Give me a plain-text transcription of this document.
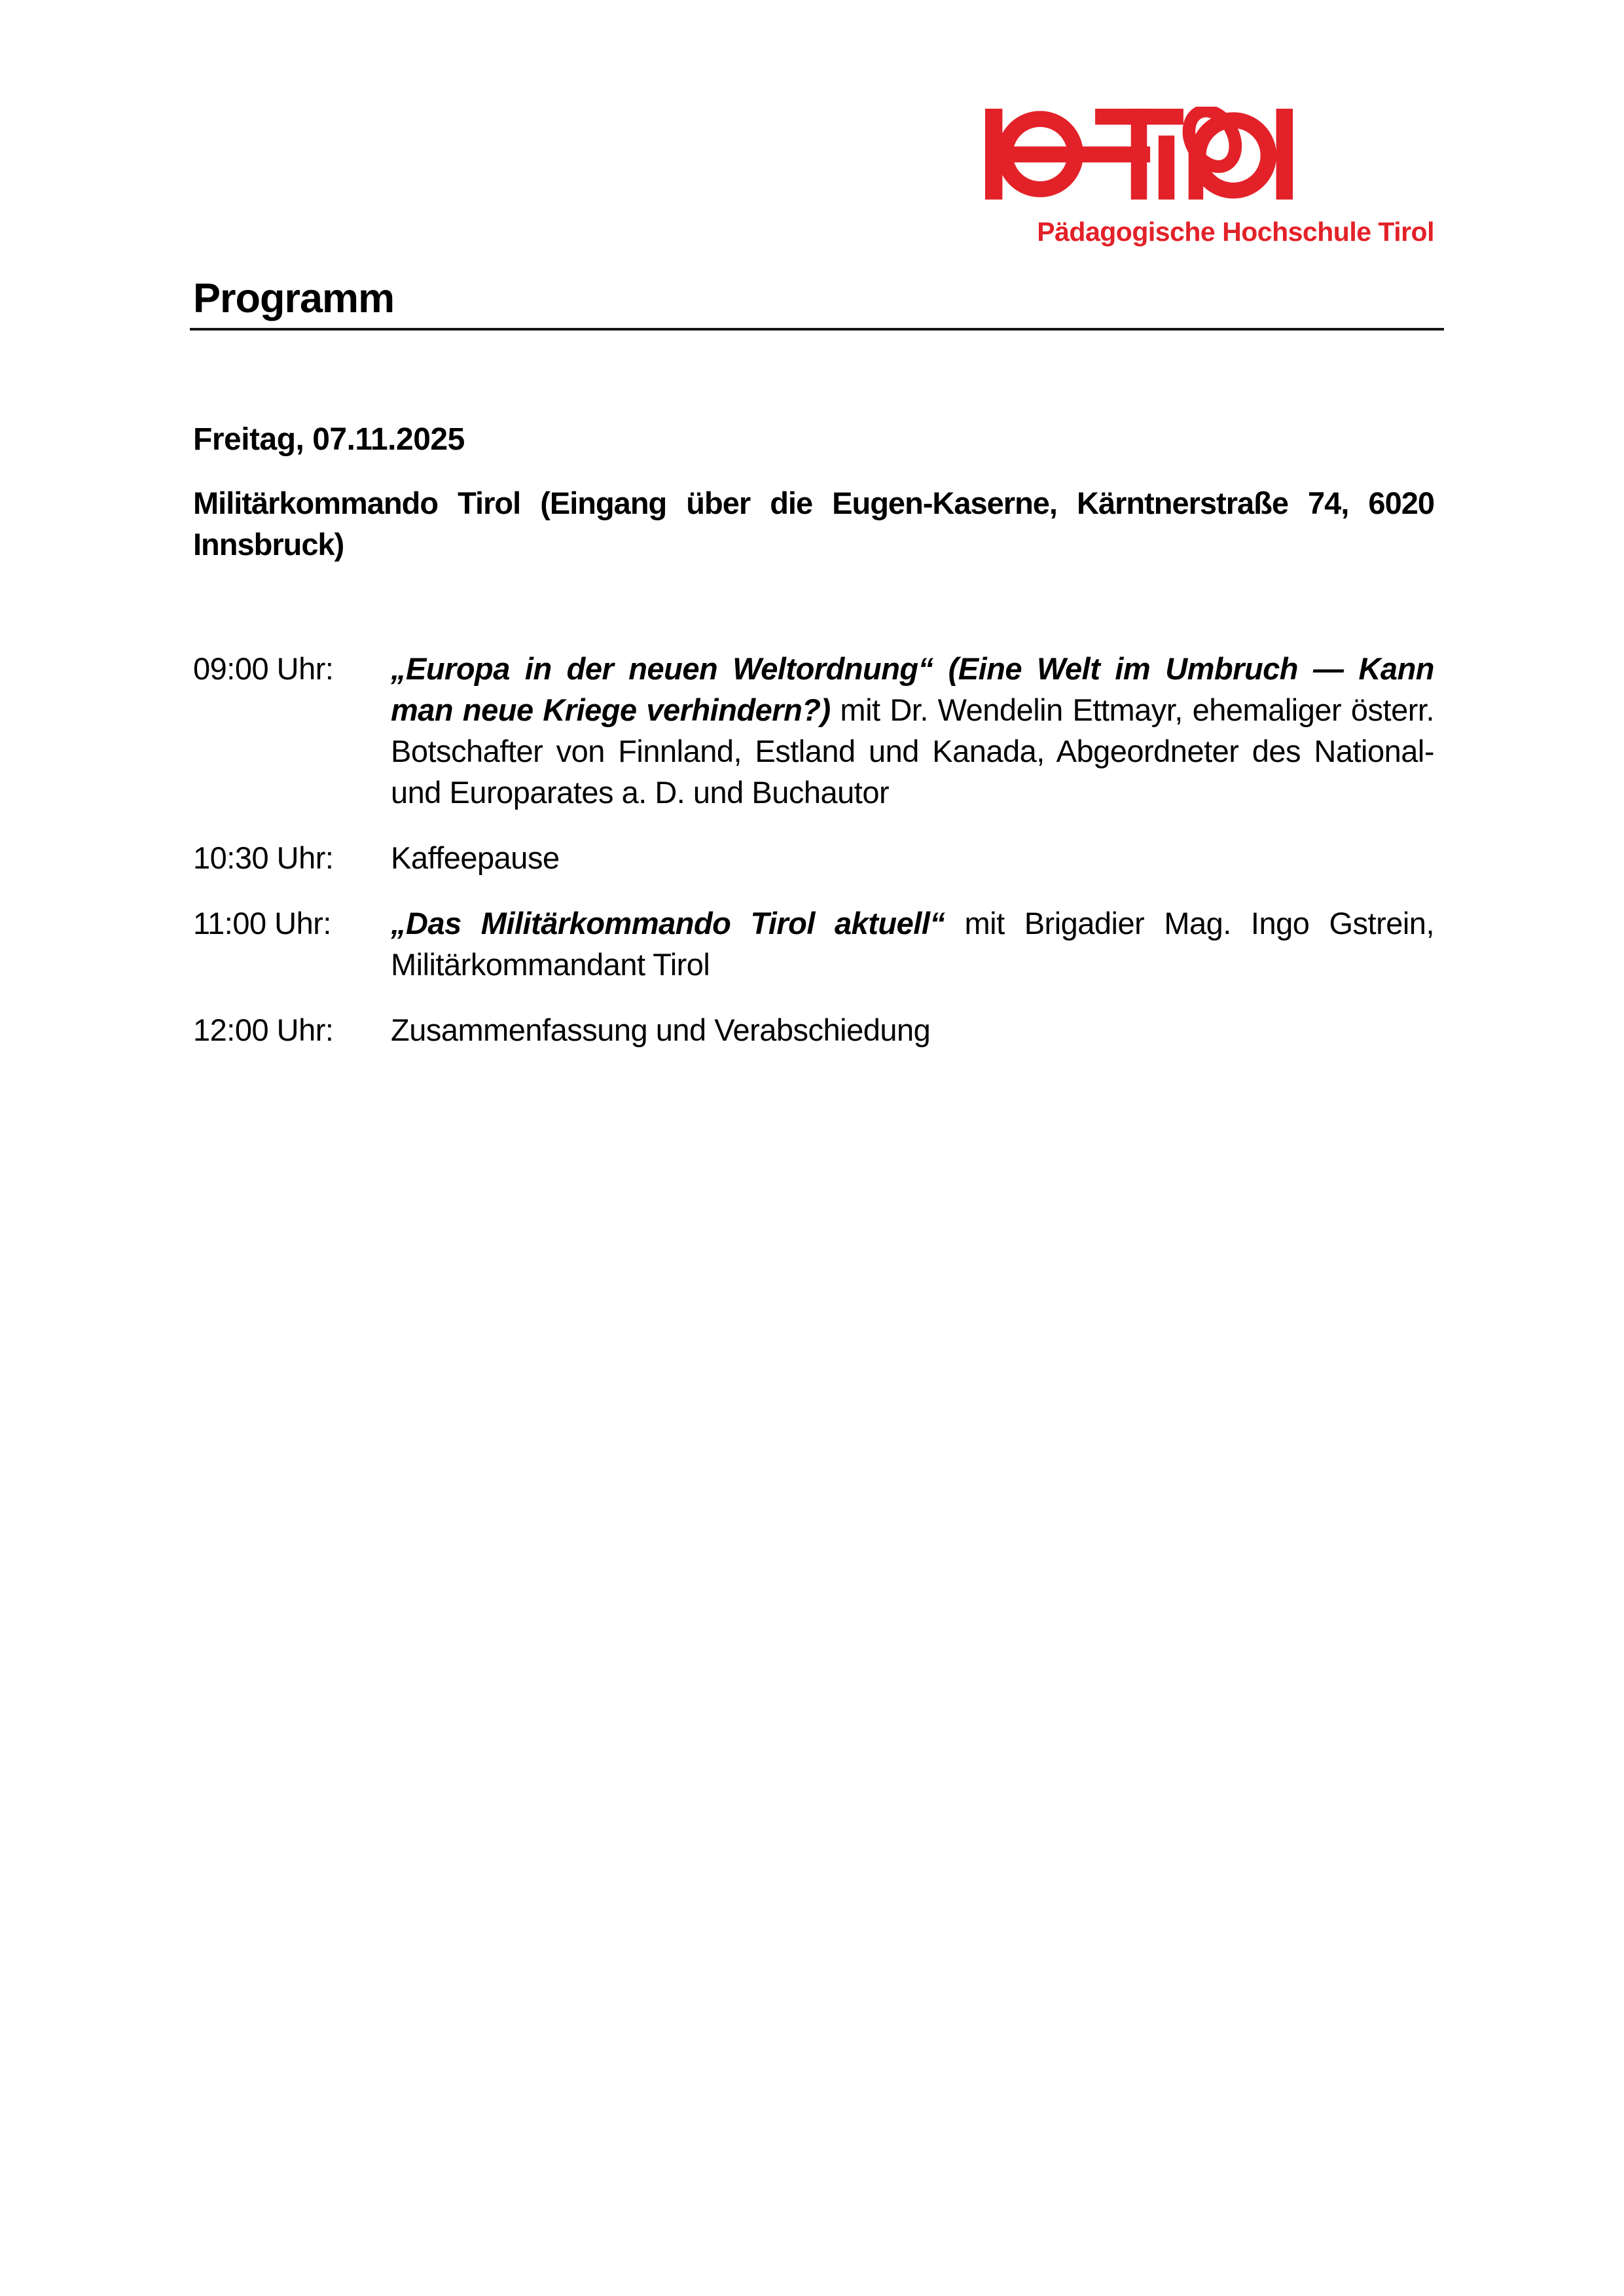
Pädagogische Hochschule Tirol
Programm

Freitag, 07.11.2025

Militärkommando Tirol (Eingang über die Eugen-Kaserne, Kärntnerstraße 74, 6020 Innsbruck)

09:00 Uhr:	„Europa in der neuen Weltordnung“ (Eine Welt im Umbruch — Kann man neue Kriege verhindern?) mit Dr. Wendelin Ettmayr, ehemaliger österr. Botschafter von Finnland, Estland und Kanada, Abgeordneter des National- und Europarates a. D. und Buchautor
10:30 Uhr:	Kaffeepause
11:00 Uhr:	„Das Militärkommando Tirol aktuell“ mit Brigadier Mag. Ingo Gstrein, Militärkommandant Tirol
12:00 Uhr:	Zusammenfassung und Verabschiedung
